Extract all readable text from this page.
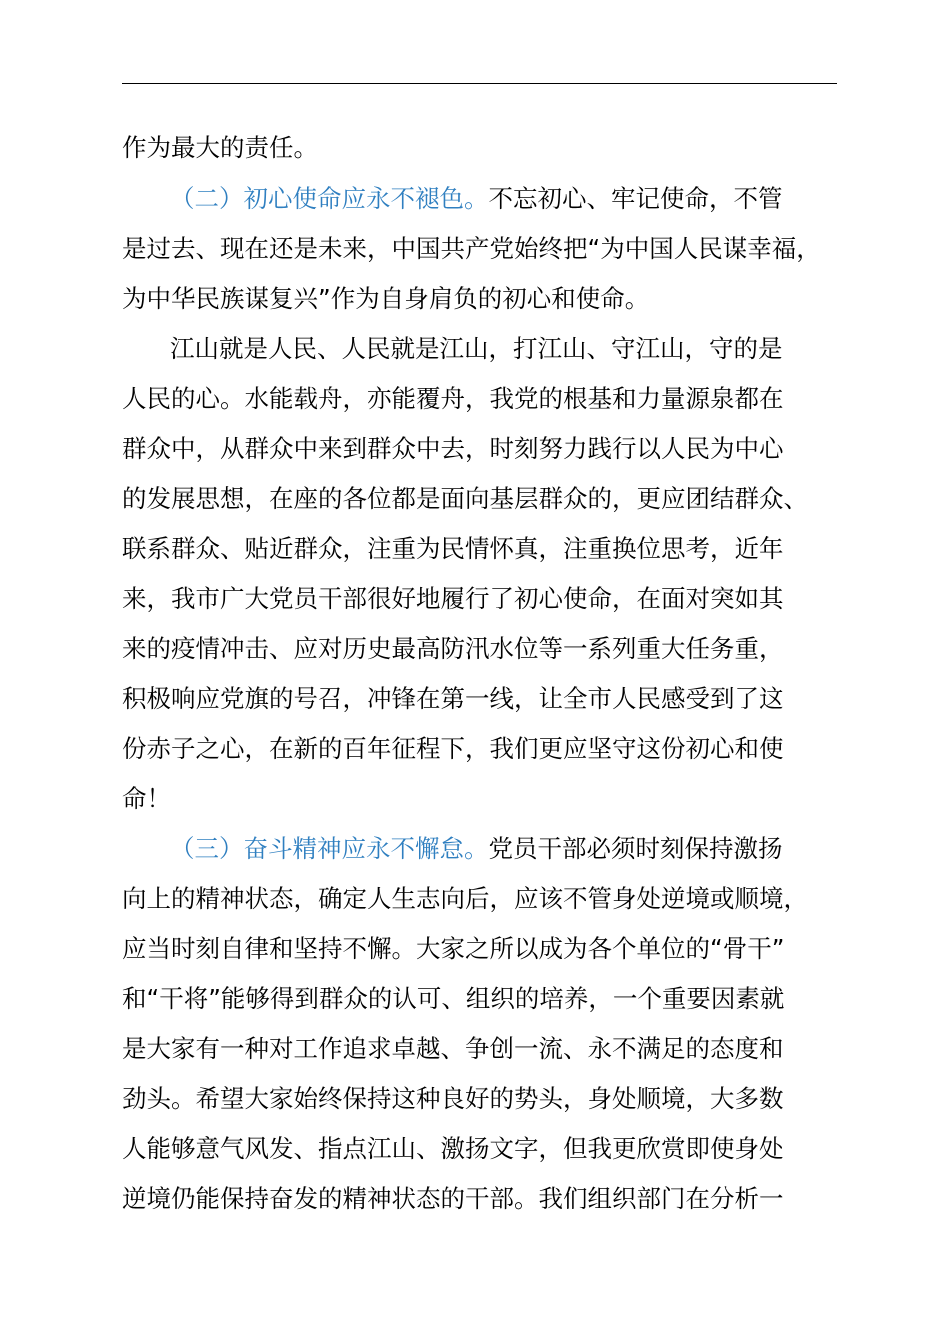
作为最大的责任。
（二）初心使命应永不褪色。不忘初心、牢记使命，不管
是过去、现在还是未来，中国共产党始终把“为中国人民谋幸福，
为中华民族谋复兴”作为自身肩负的初心和使命。
江山就是人民、人民就是江山，打江山、守江山，守的是
人民的心。水能载舟，亦能覆舟，我党的根基和力量源泉都在
群众中，从群众中来到群众中去，时刻努力践行以人民为中心
的发展思想，在座的各位都是面向基层群众的，更应团结群众、
联系群众、贴近群众，注重为民情怀真，注重换位思考，近年
来，我市广大党员干部很好地履行了初心使命，在面对突如其
来的疫情冲击、应对历史最高防汛水位等一系列重大任务重，
积极响应党旗的号召，冲锋在第一线，让全市人民感受到了这
份赤子之心，在新的百年征程下，我们更应坚守这份初心和使
命！
（三）奋斗精神应永不懈怠。党员干部必须时刻保持激扬
向上的精神状态，确定人生志向后，应该不管身处逆境或顺境，
应当时刻自律和坚持不懈。大家之所以成为各个单位的“骨干”
和“干将”能够得到群众的认可、组织的培养，一个重要因素就
是大家有一种对工作追求卓越、争创一流、永不满足的态度和
劲头。希望大家始终保持这种良好的势头，身处顺境，大多数
人能够意气风发、指点江山、激扬文字，但我更欣赏即使身处
逆境仍能保持奋发的精神状态的干部。我们组织部门在分析一
